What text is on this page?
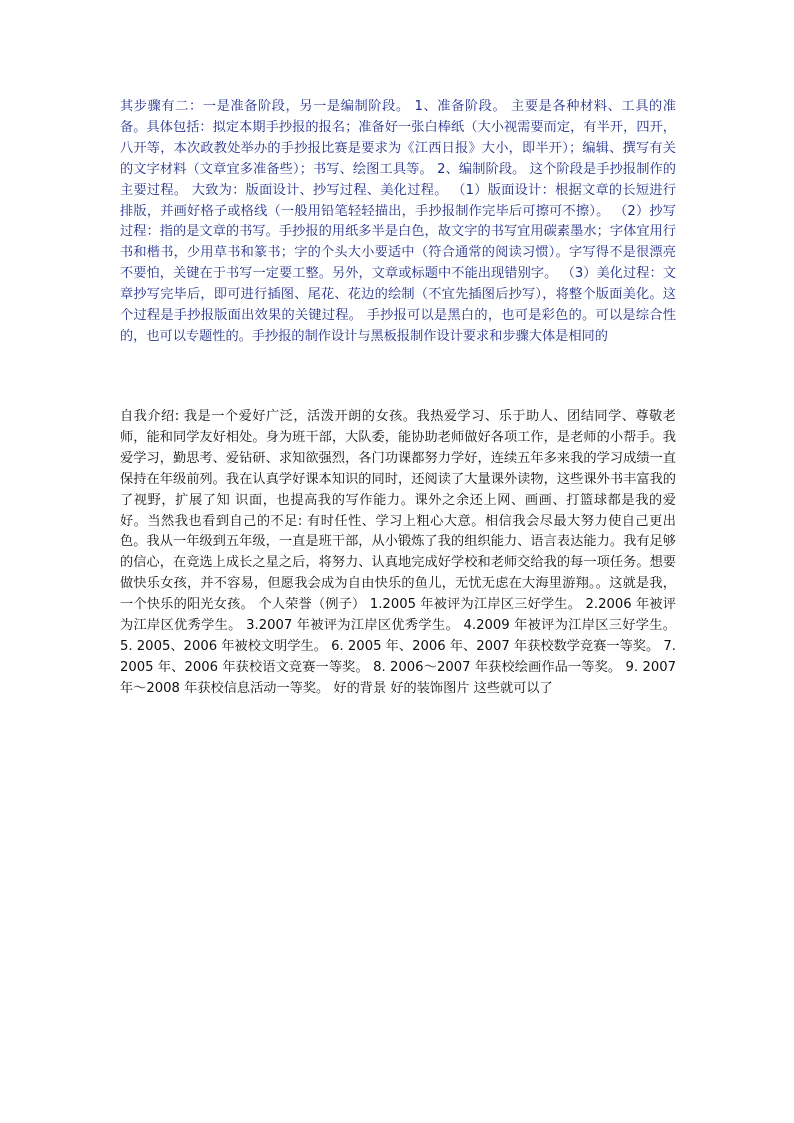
其步骤有二：一是准备阶段，另一是编制阶段。 1、准备阶段。 主要是各种材料、工具的准备。具体包括：拟定本期手抄报的报名；准备好一张白棒纸（大小视需要而定，有半开，四开，八开等，本次政教处举办的手抄报比赛是要求为《江西日报》大小，即半开）；编辑、撰写有关的文字材料（文章宜多准备些）；书写、绘图工具等。 2、编制阶段。 这个阶段是手抄报制作的主要过程。 大致为：版面设计、抄写过程、美化过程。 （1）版面设计：根据文章的长短进行排版，并画好格子或格线（一般用铅笔轻轻描出，手抄报制作完毕后可擦可不擦）。 （2）抄写过程：指的是文章的书写。手抄报的用纸多半是白色，故文字的书写宜用碳素墨水；字体宜用行书和楷书，少用草书和篆书；字的个头大小要适中（符合通常的阅读习惯）。字写得不是很漂亮不要怕，关键在于书写一定要工整。另外，文章或标题中不能出现错别字。 （3）美化过程：文章抄写完毕后，即可进行插图、尾花、花边的绘制（不宜先插图后抄写），将整个版面美化。这个过程是手抄报版面出效果的关键过程。 手抄报可以是黑白的，也可是彩色的。可以是综合性的，也可以专题性的。手抄报的制作设计与黑板报制作设计要求和步骤大体是相同的

自我介绍: 我是一个爱好广泛，活泼开朗的女孩。我热爱学习、乐于助人、团结同学、尊敬老师，能和同学友好相处。身为班干部，大队委，能协助老师做好各项工作，是老师的小帮手。我爱学习，勤思考、爱钻研、求知欲强烈，各门功课都努力学好，连续五年多来我的学习成绩一直保持在年级前列。我在认真学好课本知识的同时，还阅读了大量课外读物，这些课外书丰富我的了视野，扩展了知 识面，也提高我的写作能力。课外之余还上网、画画、打篮球都是我的爱好。当然我也看到自己的不足: 有时任性、学习上粗心大意。相信我会尽最大努力使自己更出色。我从一年级到五年级，一直是班干部，从小锻炼了我的组织能力、语言表达能力。我有足够的信心，在竞选上成长之星之后，将努力、认真地完成好学校和老师交给我的每一项任务。想要做快乐女孩，并不容易，但愿我会成为自由快乐的鱼儿，无忧无虑在大海里游翔。。这就是我，一个快乐的阳光女孩。 个人荣誉（例子） 1.2005 年被评为江岸区三好学生。 2.2006 年被评为江岸区优秀学生。 3.2007 年被评为江岸区优秀学生。 4.2009 年被评为江岸区三好学生。 5. 2005、2006 年被校文明学生。 6. 2005 年、2006 年、2007 年获校数学竞赛一等奖。 7. 2005 年、2006 年获校语文竞赛一等奖。 8. 2006～2007 年获校绘画作品一等奖。 9. 2007 年～2008 年获校信息活动一等奖。 好的背景 好的装饰图片 这些就可以了
